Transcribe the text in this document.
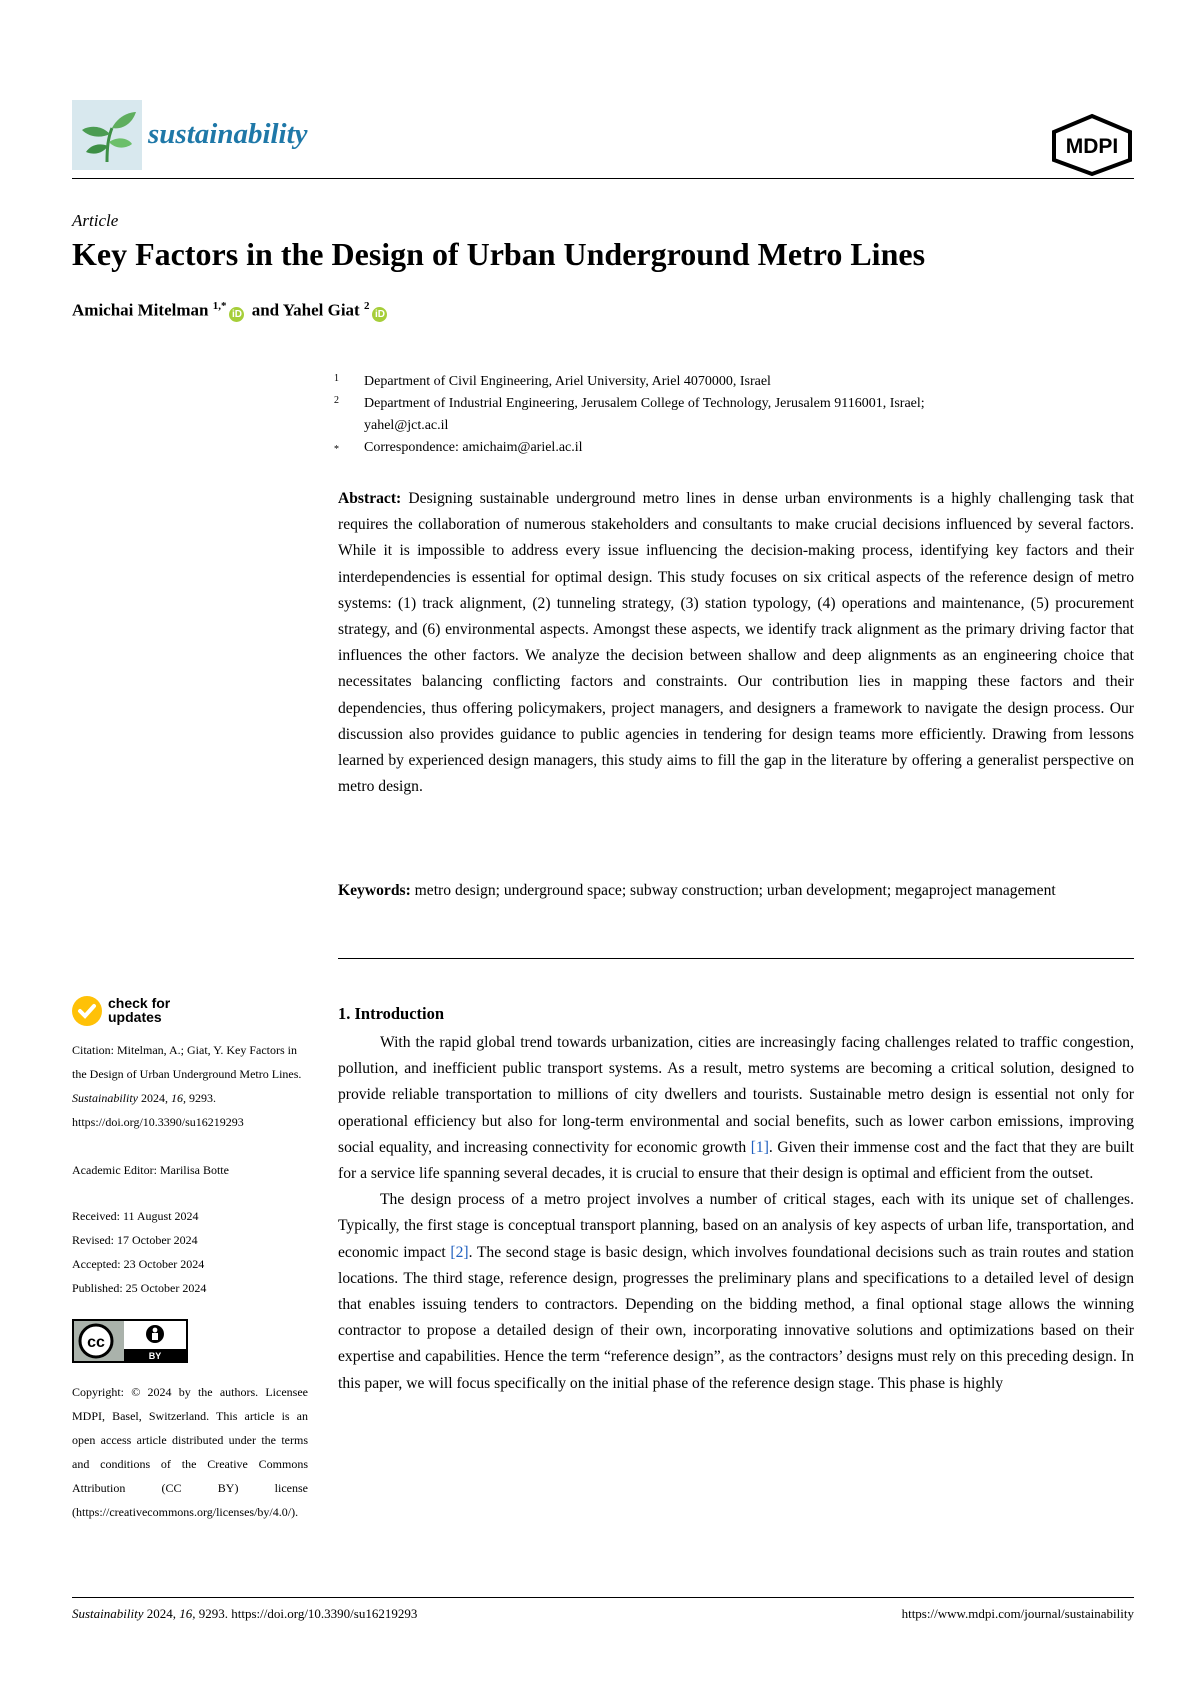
sustainability	MDPI
Article
Key Factors in the Design of Urban Underground Metro Lines
Amichai Mitelman $^{1,*}$iD and Yahel Giat $^2$iD
1 Department of Civil Engineering, Ariel University, Ariel 4070000, Israel
2 Department of Industrial Engineering, Jerusalem College of Technology, Jerusalem 9116001, Israel;
yahel@jct.ac.il
* Correspondence: amichaim@ariel.ac.il

Abstract: Designing sustainable underground metro lines in dense urban environments is a highly challenging task that requires the collaboration of numerous stakeholders and consultants to make crucial decisions influenced by several factors. While it is impossible to address every issue influencing the decision-making process, identifying key factors and their interdependencies is essential for optimal design. This study focuses on six critical aspects of the reference design of metro systems: (1) track alignment, (2) tunneling strategy, (3) station typology, (4) operations and maintenance, (5) procurement strategy, and (6) environmental aspects. Amongst these aspects, we identify track alignment as the primary driving factor that influences the other factors. We analyze the decision between shallow and deep alignments as an engineering choice that necessitates balancing conflicting factors and constraints. Our contribution lies in mapping these factors and their dependencies, thus offering policymakers, project managers, and designers a framework to navigate the design process. Our discussion also provides guidance to public agencies in tendering for design teams more efficiently. Drawing from lessons learned by experienced design managers, this study aims to fill the gap in the literature by offering a generalist perspective on metro design.

Keywords: metro design; underground space; subway construction; urban development; megaproject management

1. Introduction

With the rapid global trend towards urbanization, cities are increasingly facing challenges related to traffic congestion, pollution, and inefficient public transport systems. As a result, metro systems are becoming a critical solution, designed to provide reliable transportation to millions of city dwellers and tourists. Sustainable metro design is essential not only for operational efficiency but also for long-term environmental and social benefits, such as lower carbon emissions, improving social equality, and increasing connectivity for economic growth [1]. Given their immense cost and the fact that they are built for a service life spanning several decades, it is crucial to ensure that their design is optimal and efficient from the outset.

The design process of a metro project involves a number of critical stages, each with its unique set of challenges. Typically, the first stage is conceptual transport planning, based on an analysis of key aspects of urban life, transportation, and economic impact [2]. The second stage is basic design, which involves foundational decisions such as train routes and station locations. The third stage, reference design, progresses the preliminary plans and specifications to a detailed level of design that enables issuing tenders to contractors. Depending on the bidding method, a final optional stage allows the winning contractor to propose a detailed design of their own, incorporating innovative solutions and optimizations based on their expertise and capabilities. Hence the term “reference design”, as the contractors’ designs must rely on this preceding design. In this paper, we will focus specifically on the initial phase of the reference design stage. This phase is highly

check for
updates
Citation: Mitelman, A.; Giat, Y. Key Factors in the Design of Urban Underground Metro Lines. Sustainability 2024, 16, 9293. https://doi.org/10.3390/su16219293
Academic Editor: Marilisa Botte
Received: 11 August 2024
Revised: 17 October 2024
Accepted: 23 October 2024
Published: 25 October 2024
cc
BY
Copyright: © 2024 by the authors. Licensee MDPI, Basel, Switzerland. This article is an open access article distributed under the terms and conditions of the Creative Commons Attribution (CC BY) license (https://creativecommons.org/licenses/by/4.0/).
Sustainability 2024, 16, 9293. https://doi.org/10.3390/su16219293	https://www.mdpi.com/journal/sustainability
